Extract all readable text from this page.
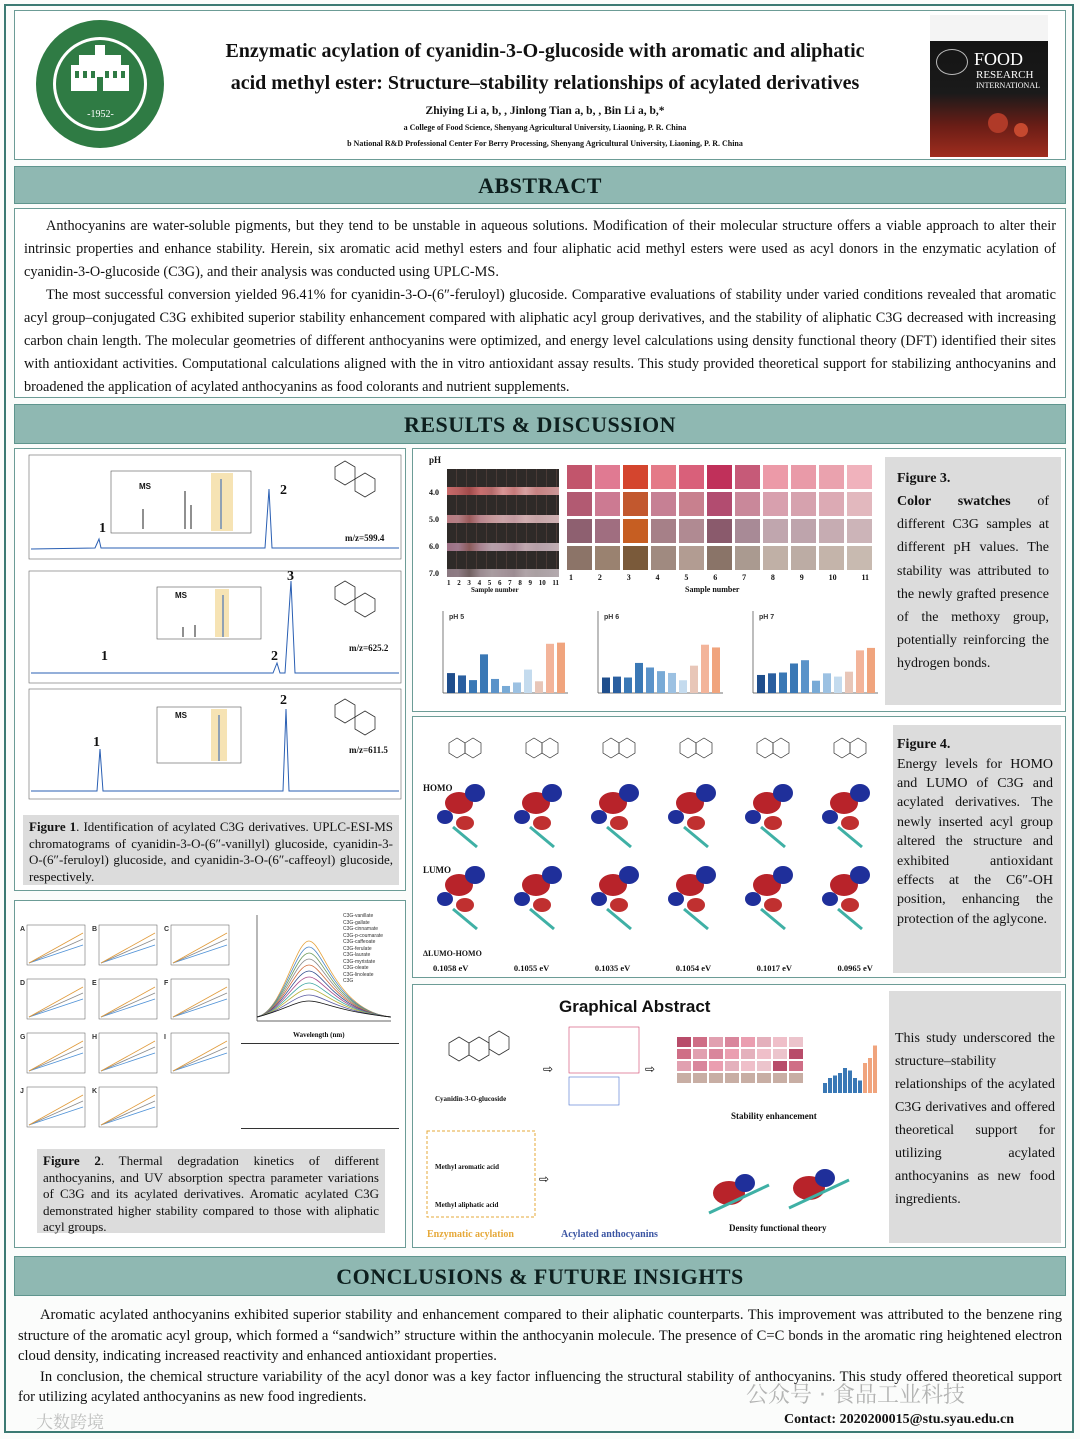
-1952-
Enzymatic acylation of cyanidin-3-O-glucoside with aromatic and aliphatic
acid methyl ester: Structure–stability relationships of acylated derivatives
Zhiying Li a, b, , Jinlong Tian a, b, , Bin Li a, b,*
a College of Food Science, Shenyang Agricultural University, Liaoning, P. R. China
b National R&D Professional Center For Berry Processing, Shenyang Agricultural University, Liaoning, P. R. China
FOOD
RESEARCH
INTERNATIONAL
ABSTRACT

Anthocyanins are water-soluble pigments, but they tend to be unstable in aqueous solutions. Modification of their molecular structure offers a viable approach to alter their intrinsic properties and enhance stability. Herein, six aromatic acid methyl esters and four aliphatic acid methyl esters were used as acyl donors in the enzymatic acylation of cyanidin-3-O-glucoside (C3G), and their analysis was conducted using UPLC-MS.

The most successful conversion yielded 96.41% for cyanidin-3-O-(6″-feruloyl) glucoside. Comparative evaluations of stability under varied conditions revealed that aromatic acyl group–conjugated C3G exhibited superior stability enhancement compared with aliphatic acyl group derivatives, and the stability of aliphatic C3G decreased with increasing carbon chain length. The molecular geometries of different anthocyanins were optimized, and energy level calculations using density functional theory (DFT) identified their sites with antioxidant activities. Computational calculations aligned with the in vitro antioxidant assay results. This study provided theoretical support for stabilizing anthocyanins and broadened the application of acylated anthocyanins as food colorants and nutrient supplements.

RESULTS & DISCUSSION
MS
MS
MS
m/z=599.4
m/z=625.2
m/z=611.5
1
2
1	2
3
1
2
Figure 1. Identification of acylated C3G derivatives. UPLC-ESI-MS chromatograms of cyanidin-3-O-(6″-vanillyl) glucoside, cyanidin-3-O-(6″-feruloyl) glucoside, and cyanidin-3-O-(6″-caffeoyl) glucoside, respectively.
pH
4.0
5.0
6.0
7.0
1 2 3 4 5 6 7 8 9 10 11
1	2	3	4	5	6	7	8	9	10	11
Sample number	Sample number
pH 5	pH 6	pH 7
Figure 3.
Color swatches of different C3G samples at different pH values. The stability was attributed to the newly grafted presence of the methoxy group, potentially reinforcing the hydrogen bonds.
HOMO
LUMO
ΔLUMO-HOMO
0.1058 eV	0.1055 eV	0.1035 eV	0.1054 eV	0.1017 eV	0.0965 eV
Figure 4.
Energy levels for HOMO and LUMO of C3G and acylated derivatives. The newly inserted acyl group altered the structure and exhibited antioxidant effects at the C6″-OH position, enhancing the protection of the aglycone.
A	B	C
D	E	F
G	H	I
J	K
C3G-vanillate
C3G-gallate
C3G-cinnamate
C3G-p-coumarate
C3G-caffeoate
C3G-ferulate
C3G-laurate
C3G-myristate
C3G-oleate
C3G-linoleate
C3G
Wavelength (nm)
Figure 2. Thermal degradation kinetics of different anthocyanins, and UV absorption spectra parameter variations of C3G and its acylated derivatives. Aromatic acylated C3G demonstrated higher stability compared to those with aliphatic acyl groups.
Graphical Abstract
⇨
⇨
⇨
Cyanidin-3-O-glucoside
Methyl aromatic acid
Methyl aliphatic acid
Enzymatic acylation	Acylated anthocyanins
Stability enhancement
Density functional theory
This study underscored the structure–stability relationships of the acylated C3G derivatives and offered theoretical support for utilizing acylated anthocyanins as new food ingredients.
CONCLUSIONS & FUTURE INSIGHTS

Aromatic acylated anthocyanins exhibited superior stability and enhancement compared to their aliphatic counterparts. This improvement was attributed to the benzene ring structure of the aromatic acyl group, which formed a “sandwich” structure within the anthocyanin molecule. The presence of C=C bonds in the aromatic ring heightened electron cloud density, indicating increased reactivity and enhanced antioxidant properties.

In conclusion, the chemical structure variability of the acyl donor was a key factor influencing the structural stability of anthocyanins. This study offered theoretical support for utilizing acylated anthocyanins as new food ingredients.	公众号 · 食品工业科技
大数跨境	Contact: 2020200015@stu.syau.edu.cn
